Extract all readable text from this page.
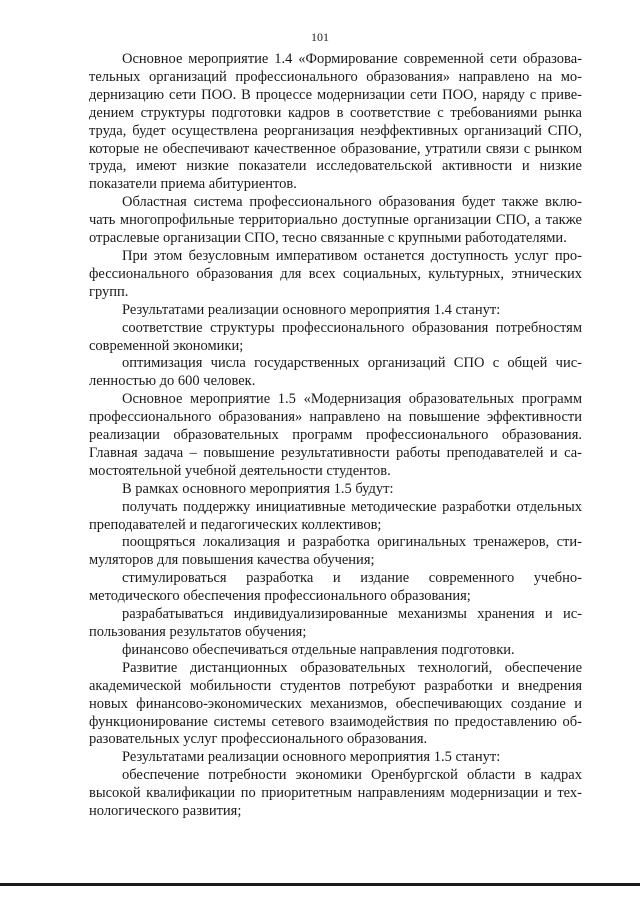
101

Основное мероприятие 1.4 «Формирование современной сети образовательных организаций профессионального образования» направлено на модернизацию сети ПОО. В процессе модернизации сети ПОО, наряду с приведением структуры подготовки кадров в соответствие с требованиями рынка труда, будет осуществлена реорганизация неэффективных организаций СПО, которые не обеспечивают качественное образование, утратили связи с рынком труда, имеют низкие показатели исследовательской активности и низкие показатели приема абитуриентов.

Областная система профессионального образования будет также включать многопрофильные территориально доступные организации СПО, а также отраслевые организации СПО, тесно связанные с крупными работодателями.

При этом безусловным императивом останется доступность услуг профессионального образования для всех социальных, культурных, этнических групп.

Результатами реализации основного мероприятия 1.4 станут:

соответствие структуры профессионального образования потребностям современной экономики;

оптимизация числа государственных организаций СПО с общей численностью до 600 человек.

Основное мероприятие 1.5 «Модернизация образовательных программ профессионального образования» направлено на повышение эффективности реализации образовательных программ профессионального образования. Главная задача – повышение результативности работы преподавателей и самостоятельной учебной деятельности студентов.

В рамках основного мероприятия 1.5 будут:

получать поддержку инициативные методические разработки отдельных преподавателей и педагогических коллективов;

поощряться локализация и разработка оригинальных тренажеров, стимуляторов для повышения качества обучения;

стимулироваться разработка и издание современного учебно-методического обеспечения профессионального образования;

разрабатываться индивидуализированные механизмы хранения и использования результатов обучения;

финансово обеспечиваться отдельные направления подготовки.

Развитие дистанционных образовательных технологий, обеспечение академической мобильности студентов потребуют разработки и внедрения новых финансово-экономических механизмов, обеспечивающих создание и функционирование системы сетевого взаимодействия по предоставлению образовательных услуг профессионального образования.

Результатами реализации основного мероприятия 1.5 станут:

обеспечение потребности экономики Оренбургской области в кадрах высокой квалификации по приоритетным направлениям модернизации и технологического развития;
